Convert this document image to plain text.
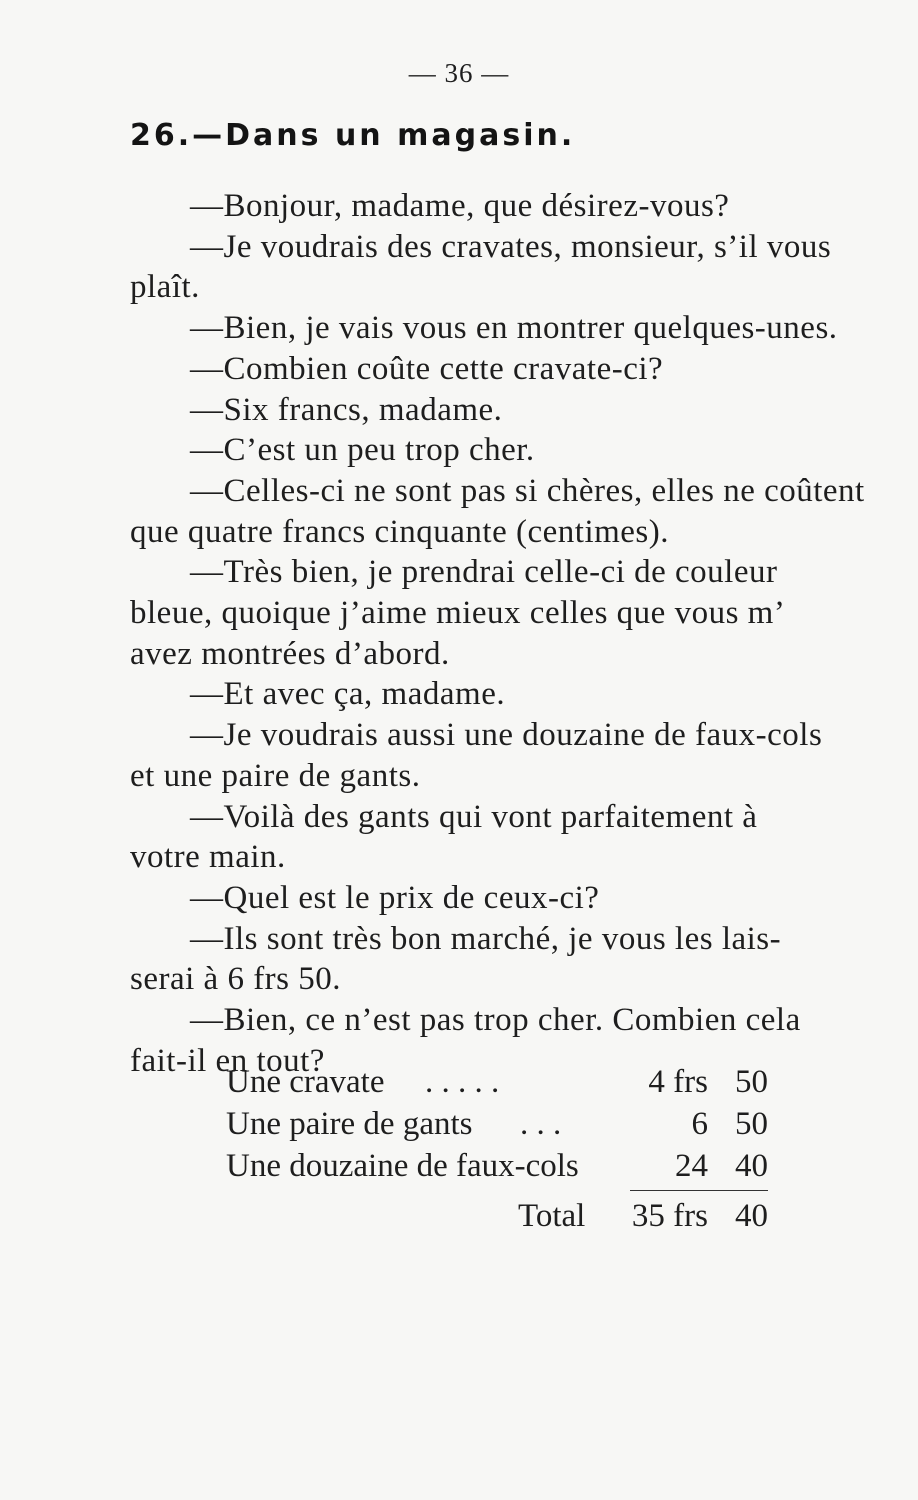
— 36 —
26.—Dans un magasin.

—Bonjour, madame, que désirez-vous?

—Je voudrais des cravates, monsieur, s’il vous

plaît.

—Bien, je vais vous en montrer quelques-unes.

—Combien coûte cette cravate-ci?

—Six francs, madame.

—C’est un peu trop cher.

—Celles-ci ne sont pas si chères, elles ne coûtent

que quatre francs cinquante (centimes).

—Très bien, je prendrai celle-ci de couleur

bleue, quoique j’aime mieux celles que vous m’

avez montrées d’abord.

—Et avec ça, madame.

—Je voudrais aussi une douzaine de faux-cols

et une paire de gants.

—Voilà des gants qui vont parfaitement à

votre main.

—Quel est le prix de ceux-ci?

—Ils sont très bon marché, je vous les lais-

serai à 6 frs 50.

—Bien, ce n’est pas trop cher. Combien cela

fait-il en tout?

Une cravate . . . . .	4 frs 50
Une paire de gants . . .	6 50
Une douzaine de faux-cols	24 40
Total	35 frs 40
